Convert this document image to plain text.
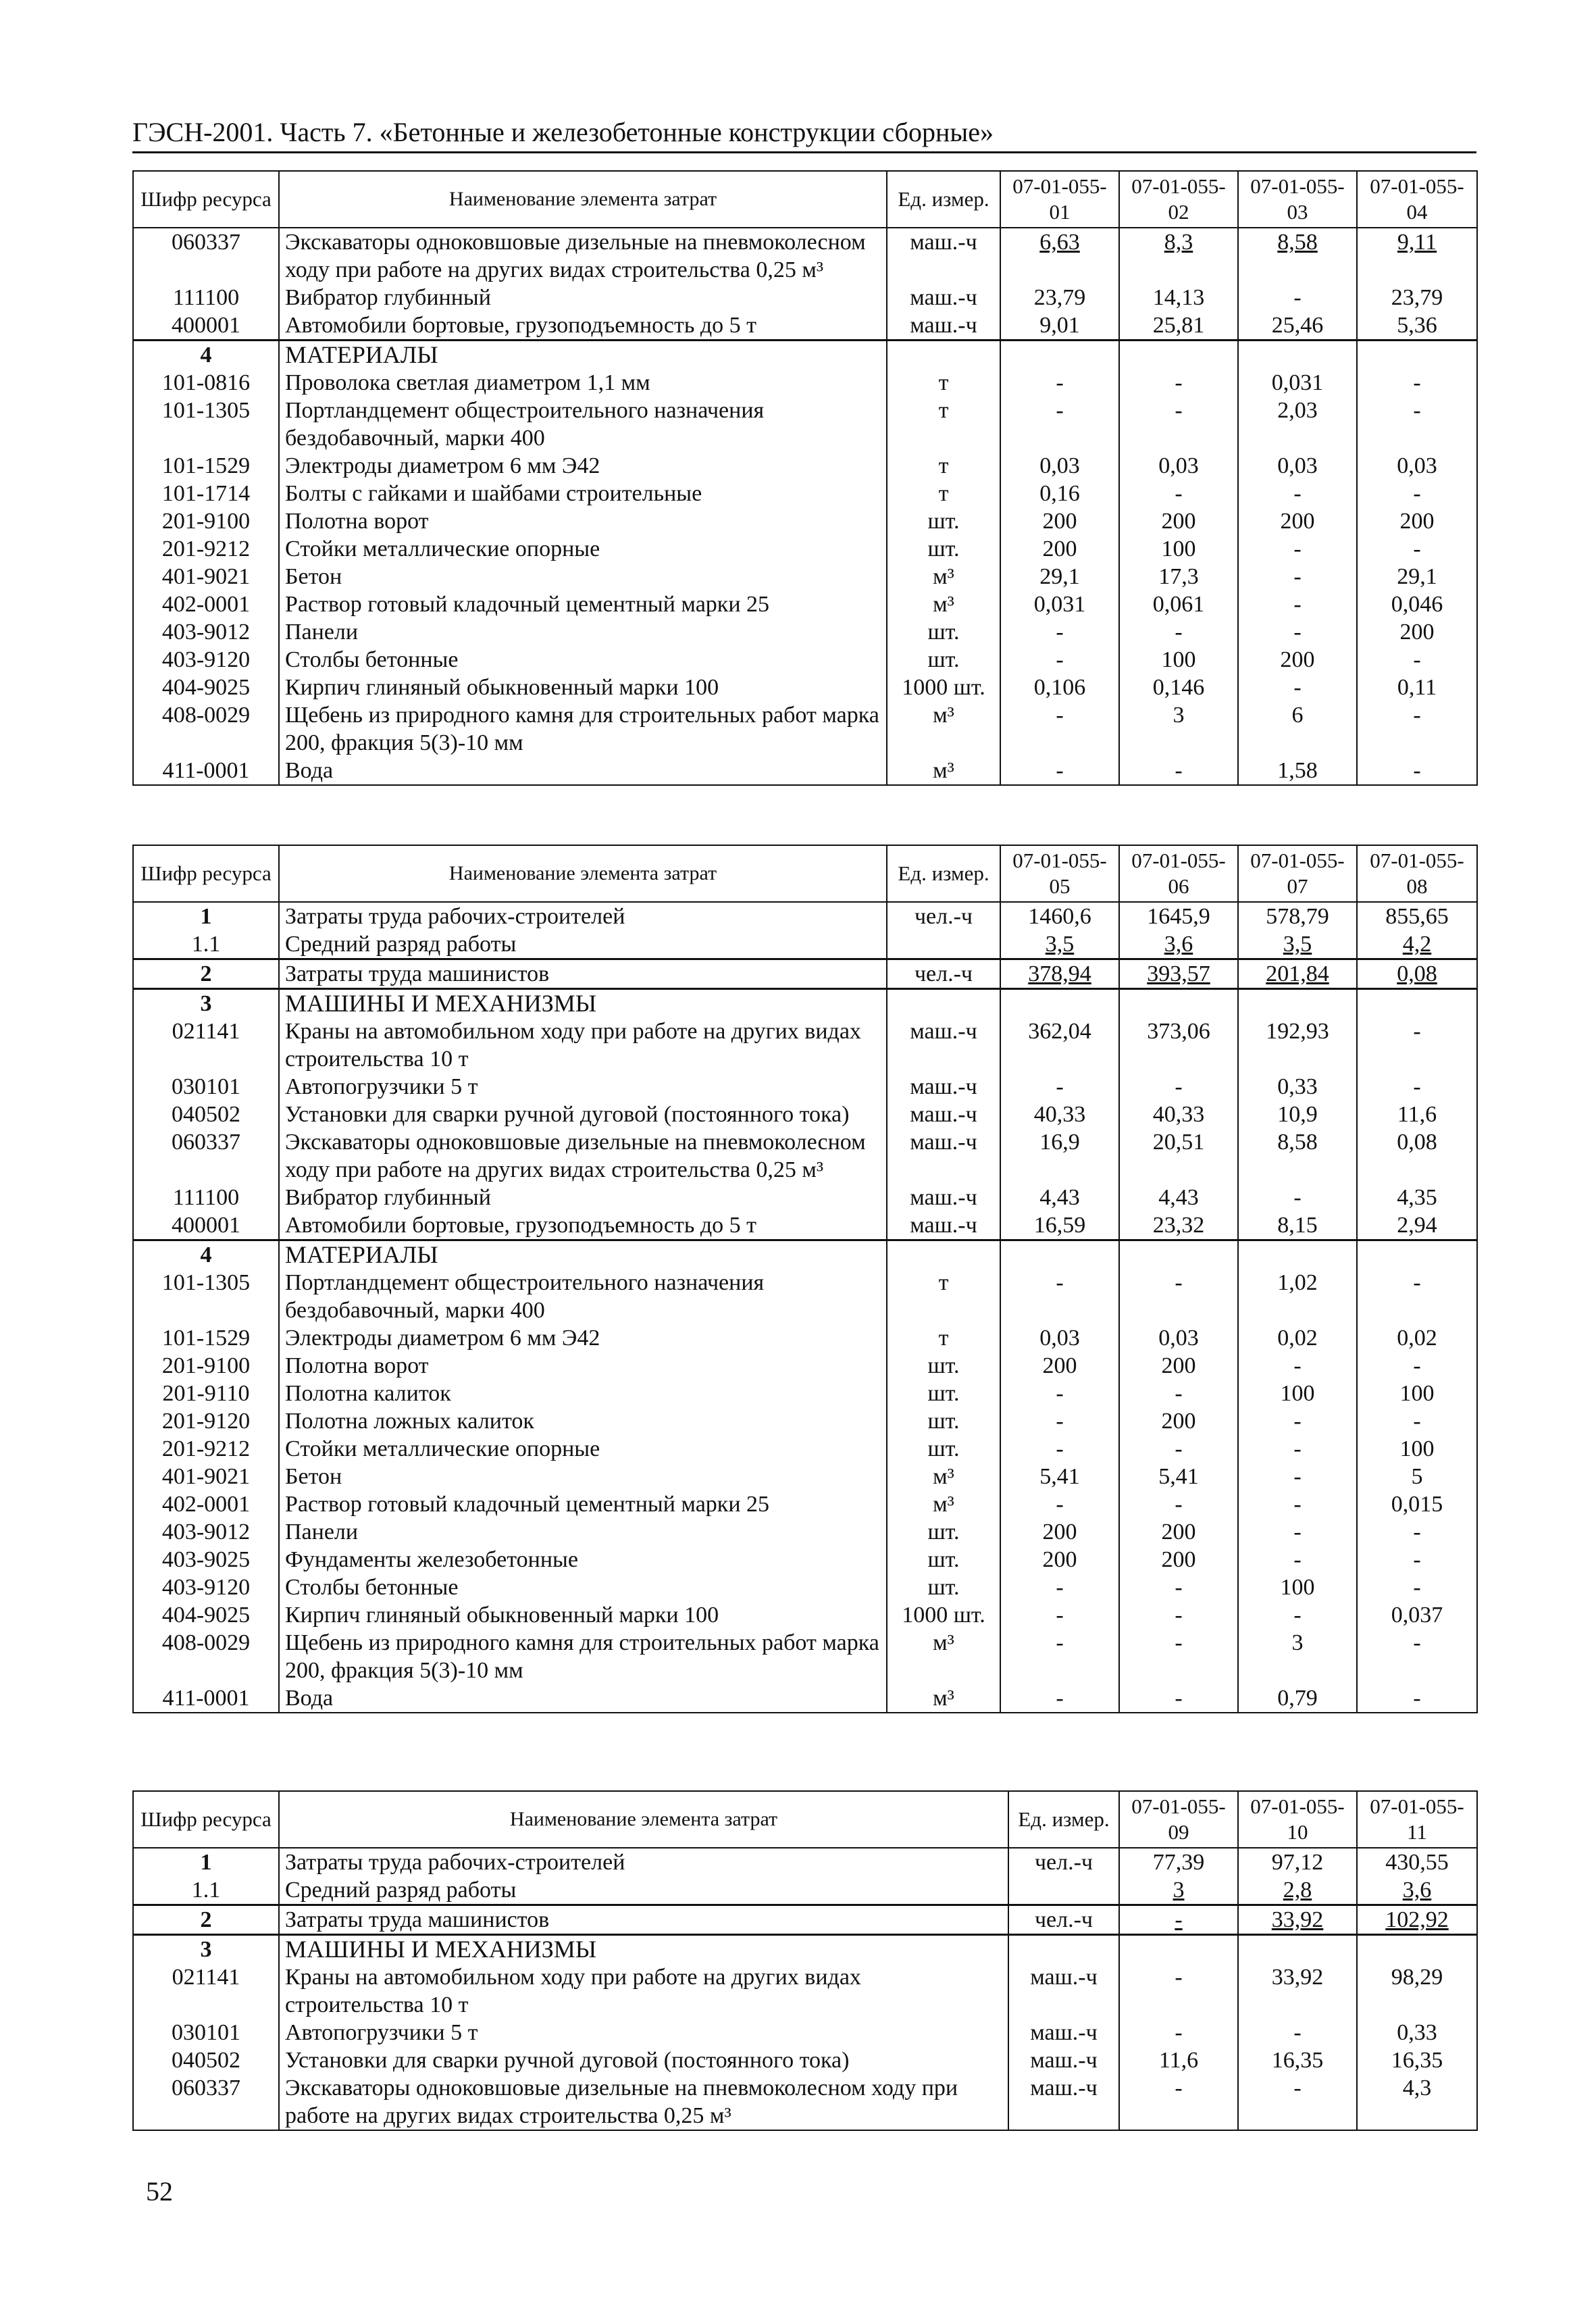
ГЭСН-2001. Часть 7. «Бетонные и железобетонные конструкции сборные»
Шифр ресурса	Наименование элемента затрат	Ед. измер.	07-01-055-01	07-01-055-02	07-01-055-03	07-01-055-04
060337	Экскаваторы одноковшовые дизельные на пневмоколесном ходу при работе на других видах строительства 0,25 м³	маш.-ч	6,63	8,3	8,58	9,11
111100	Вибратор глубинный	маш.-ч	23,79	14,13	-	23,79
400001	Автомобили бортовые, грузоподъемность до 5 т	маш.-ч	9,01	25,81	25,46	5,36
4	МАТЕРИАЛЫ					
101-0816	Проволока светлая диаметром 1,1 мм	т	-	-	0,031	-
101-1305	Портландцемент общестроительного назначения бездобавочный, марки 400	т	-	-	2,03	-
101-1529	Электроды диаметром 6 мм Э42	т	0,03	0,03	0,03	0,03
101-1714	Болты с гайками и шайбами строительные	т	0,16	-	-	-
201-9100	Полотна ворот	шт.	200	200	200	200
201-9212	Стойки металлические опорные	шт.	200	100	-	-
401-9021	Бетон	м³	29,1	17,3	-	29,1
402-0001	Раствор готовый кладочный цементный марки 25	м³	0,031	0,061	-	0,046
403-9012	Панели	шт.	-	-	-	200
403-9120	Столбы бетонные	шт.	-	100	200	-
404-9025	Кирпич глиняный обыкновенный марки 100	1000 шт.	0,106	0,146	-	0,11
408-0029	Щебень из природного камня для строительных работ марка 200, фракция 5(3)-10 мм	м³	-	3	6	-
411-0001	Вода	м³	-	-	1,58	-
Шифр ресурса	Наименование элемента затрат	Ед. измер.	07-01-055-05	07-01-055-06	07-01-055-07	07-01-055-08
1	Затраты труда рабочих-строителей	чел.-ч	1460,6	1645,9	578,79	855,65
1.1	Средний разряд работы		3,5	3,6	3,5	4,2
2	Затраты труда машинистов	чел.-ч	378,94	393,57	201,84	0,08
3	МАШИНЫ И МЕХАНИЗМЫ					
021141	Краны на автомобильном ходу при работе на других видах строительства 10 т	маш.-ч	362,04	373,06	192,93	-
030101	Автопогрузчики 5 т	маш.-ч	-	-	0,33	-
040502	Установки для сварки ручной дуговой (постоянного тока)	маш.-ч	40,33	40,33	10,9	11,6
060337	Экскаваторы одноковшовые дизельные на пневмоколесном ходу при работе на других видах строительства 0,25 м³	маш.-ч	16,9	20,51	8,58	0,08
111100	Вибратор глубинный	маш.-ч	4,43	4,43	-	4,35
400001	Автомобили бортовые, грузоподъемность до 5 т	маш.-ч	16,59	23,32	8,15	2,94
4	МАТЕРИАЛЫ					
101-1305	Портландцемент общестроительного назначения бездобавочный, марки 400	т	-	-	1,02	-
101-1529	Электроды диаметром 6 мм Э42	т	0,03	0,03	0,02	0,02
201-9100	Полотна ворот	шт.	200	200	-	-
201-9110	Полотна калиток	шт.	-	-	100	100
201-9120	Полотна ложных калиток	шт.	-	200	-	-
201-9212	Стойки металлические опорные	шт.	-	-	-	100
401-9021	Бетон	м³	5,41	5,41	-	5
402-0001	Раствор готовый кладочный цементный марки 25	м³	-	-	-	0,015
403-9012	Панели	шт.	200	200	-	-
403-9025	Фундаменты железобетонные	шт.	200	200	-	-
403-9120	Столбы бетонные	шт.	-	-	100	-
404-9025	Кирпич глиняный обыкновенный марки 100	1000 шт.	-	-	-	0,037
408-0029	Щебень из природного камня для строительных работ марка 200, фракция 5(3)-10 мм	м³	-	-	3	-
411-0001	Вода	м³	-	-	0,79	-
Шифр ресурса	Наименование элемента затрат	Ед. измер.	07-01-055-09	07-01-055-10	07-01-055-11
1	Затраты труда рабочих-строителей	чел.-ч	77,39	97,12	430,55
1.1	Средний разряд работы		3	2,8	3,6
2	Затраты труда машинистов	чел.-ч	-	33,92	102,92
3	МАШИНЫ И МЕХАНИЗМЫ				
021141	Краны на автомобильном ходу при работе на других видах строительства 10 т	маш.-ч	-	33,92	98,29
030101	Автопогрузчики 5 т	маш.-ч	-	-	0,33
040502	Установки для сварки ручной дуговой (постоянного тока)	маш.-ч	11,6	16,35	16,35
060337	Экскаваторы одноковшовые дизельные на пневмоколесном ходу при работе на других видах строительства 0,25 м³	маш.-ч	-	-	4,3
52
